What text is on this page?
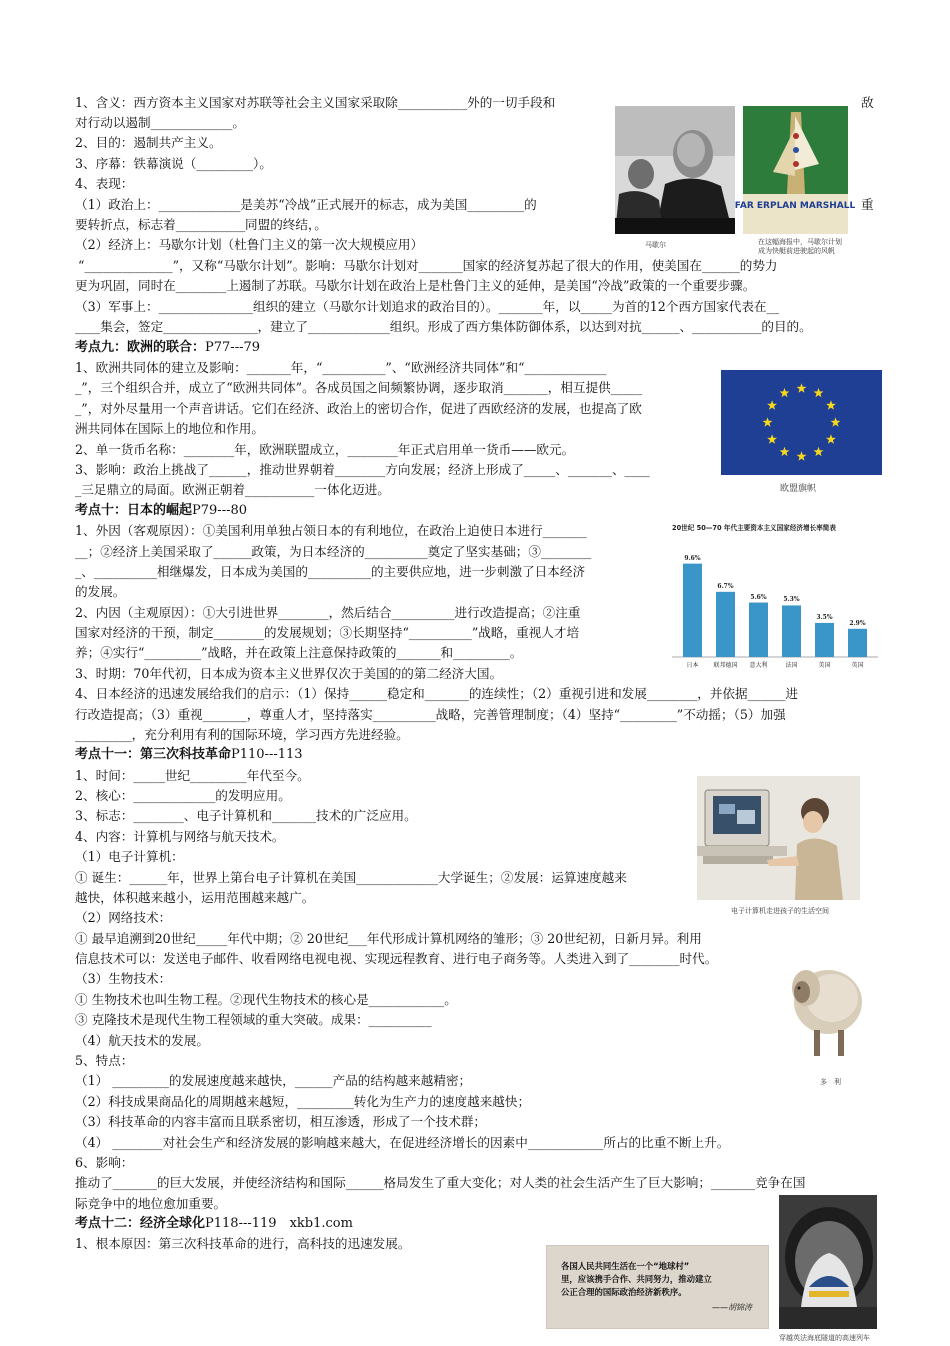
1、含义：西方资本主义国家对苏联等社会主义国家采取除___________外的一切手段和	敌
对行动以遏制_____________。
2、目的：遏制共产主义。
3、序幕：铁幕演说（_________）。
4、表现：
（1）政治上：_____________是美苏“冷战”正式展开的标志，成为美国_________的	重
要转折点，标志着___________同盟的终结，。
（2）经济上：马歇尔计划（杜鲁门主义的第一次大规模应用）
“______________”，又称“马歇尔计划”。影响：马歇尔计划对_______国家的经济复苏起了很大的作用，使美国在______的势力
更为巩固，同时在________上遏制了苏联。马歇尔计划在政治上是杜鲁门主义的延伸，是美国“冷战”政策的一个重要步骤。
（3）军事上：_______________组织的建立（马歇尔计划追求的政治目的）。_______年，以_____为首的12个西方国家代表在__
____集会，签定_______________，建立了_____________组织。形成了西方集体防御体系，以达到对抗______、___________的目的。
马歇尔
FAR ERPLAN MARSHALL
在这幅海报中，马歇尔计划
成为快艇前进驶起的风帆
考点九：欧洲的联合：P77---79
1、欧洲共同体的建立及影响：_______年，“__________”、“欧洲经济共同体”和“_____________
_”，三个组织合并，成立了“欧洲共同体”。各成员国之间频繁协调，逐步取消_______，相互提供_____
_”，对外尽量用一个声音讲话。它们在经济、政治上的密切合作，促进了西欧经济的发展，也提高了欧
洲共同体在国际上的地位和作用。
2、单一货币名称：________年，欧洲联盟成立，________年正式启用单一货币——欧元。
3、影响：政治上挑战了______，推动世界朝着________方向发展；经济上形成了_____、_______、____
_三足鼎立的局面。欧洲正朝着___________一体化迈进。	欧盟旗帜
考点十：日本的崛起P79---80
1、外因（客观原因）：①美国利用单独占领日本的有利地位，在政治上迫使日本进行_______
__；②经济上美国采取了______政策，为日本经济的__________奠定了坚实基础；③________
_、__________相继爆发，日本成为美国的__________的主要供应地，进一步刺激了日本经济
的发展。
2、内因（主观原因）：①大引进世界________，然后结合__________进行改造提高；②注重
国家对经济的干预，制定________的发展规划；③长期坚持“__________”战略，重视人才培
养；④实行“_________”战略，并在政策上注意保持政策的_______和_________。
3、时期：70年代初，日本成为资本主义世界仅次于美国的的第二经济大国。
4、日本经济的迅速发展给我们的启示：（1）保持______稳定和_______的连续性；（2）重视引进和发展________，并依据______进
行改造提高；（3）重视_______，尊重人才，坚持落实__________战略，完善管理制度；（4）坚持“_________”不动摇；（5）加强
_________，充分利用有利的国际环境，学习西方先进经验。
20世纪 50—70 年代主要资本主义国家经济增长率简表
9.6%
日本
6.7%
联邦德国
5.6%
意大利
5.3%
法国
3.5%
美国
2.9%
英国
考点十一：第三次科技革命P110---113
1、时间：_____世纪_________年代至今。
2、核心：_____________的发明应用。
3、标志：________、电子计算机和_______技术的广泛应用。
4、内容：计算机与网络与航天技术。
（1）电子计算机：
① 诞生：______年，世界上第台电子计算机在美国_____________大学诞生；②发展：运算速度越来
越快，体积越来越小，运用范围越来越广。
（2）网络技术：
① 最早追溯到20世纪_____年代中期；② 20世纪___年代形成计算机网络的雏形；③ 20世纪初，日新月异。利用
信息技术可以：发送电子邮件、收看网络电视电视、实现远程教育、进行电子商务等。人类进入到了________时代。
（3）生物技术：
① 生物技术也叫生物工程。②现代生物技术的核心是____________。
③ 克隆技术是现代生物工程领域的重大突破。成果：__________
（4）航天技术的发展。
5、特点：
（1） _________的发展速度越来越快，______产品的结构越来越精密；
（2）科技成果商品化的周期越来越短，_________转化为生产力的速度越来越快；
（3）科技革命的内容丰富而且联系密切，相互渗透，形成了一个技术群；
（4） ________对社会生产和经济发展的影响越来越大，在促进经济增长的因素中____________所占的比重不断上升。
6、影响：
推动了_______的巨大发展，并使经济结构和国际______格局发生了重大变化；对人类的社会生活产生了巨大影响；_______竞争在国
际竞争中的地位愈加重要。
电子计算机走进孩子的生活空间
多　利
考点十二：经济全球化P118---119　xkb1.com
1、根本原因：第三次科技革命的进行，高科技的迅速发展。
各国人民共同生活在一个“地球村”
里，应该携手合作、共同努力，推动建立
公正合理的国际政治经济新秩序。
——胡锦涛
穿越英法海底隧道的高速列车
